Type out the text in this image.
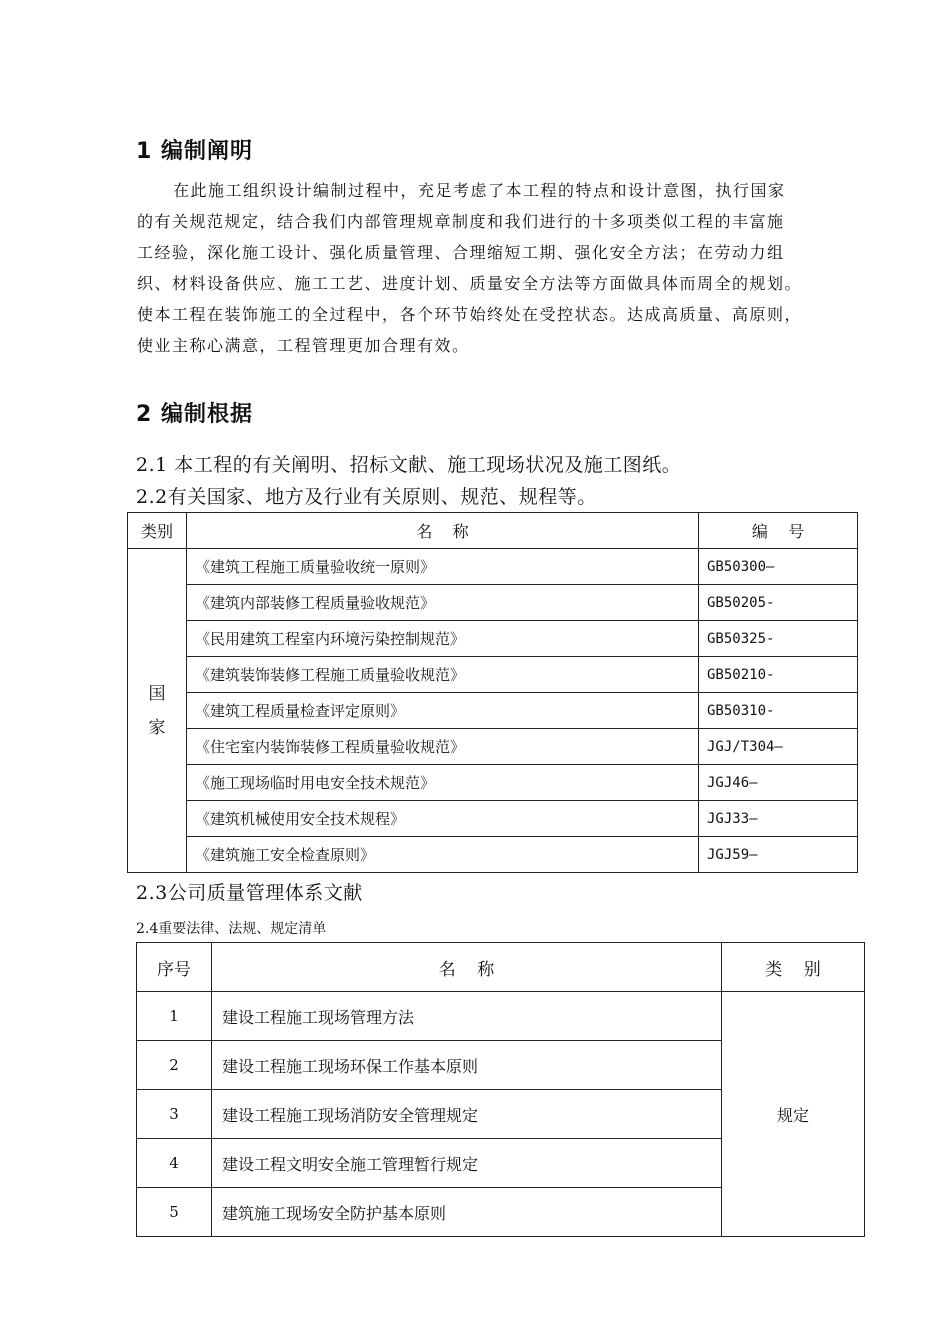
1 编制阐明

在此施工组织设计编制过程中，充足考虑了本工程的特点和设计意图，执行国家

的有关规范规定，结合我们内部管理规章制度和我们进行的十多项类似工程的丰富施

工经验，深化施工设计、强化质量管理、合理缩短工期、强化安全方法；在劳动力组

织、材料设备供应、施工工艺、进度计划、质量安全方法等方面做具体而周全的规划。

使本工程在装饰施工的全过程中，各个环节始终处在受控状态。达成高质量、高原则，

使业主称心满意，工程管理更加合理有效。

2 编制根据
2.1 本工程的有关阐明、招标文献、施工现场状况及施工图纸。
2.2有关国家、地方及行业有关原则、规范、规程等。
类别	名    称	编    号

国
家	《建筑工程施工质量验收统一原则》	GB50300—
	《建筑内部装修工程质量验收规范》	GB50205-
	《民用建筑工程室内环境污染控制规范》	GB50325-
	《建筑装饰装修工程施工质量验收规范》	GB50210-
	《建筑工程质量检查评定原则》	GB50310-
	《住宅室内装饰装修工程质量验收规范》	JGJ/T304—
	《施工现场临时用电安全技术规范》	JGJ46—
	《建筑机械使用安全技术规程》	JGJ33—
	《建筑施工安全检查原则》	JGJ59—
2.3公司质量管理体系文献
2.4重要法律、法规、规定清单
序号	名    称	类    别
1	建设工程施工现场管理方法	规定
2	建设工程施工现场环保工作基本原则	
3	建设工程施工现场消防安全管理规定	
4	建设工程文明安全施工管理暂行规定	
5	建筑施工现场安全防护基本原则	
